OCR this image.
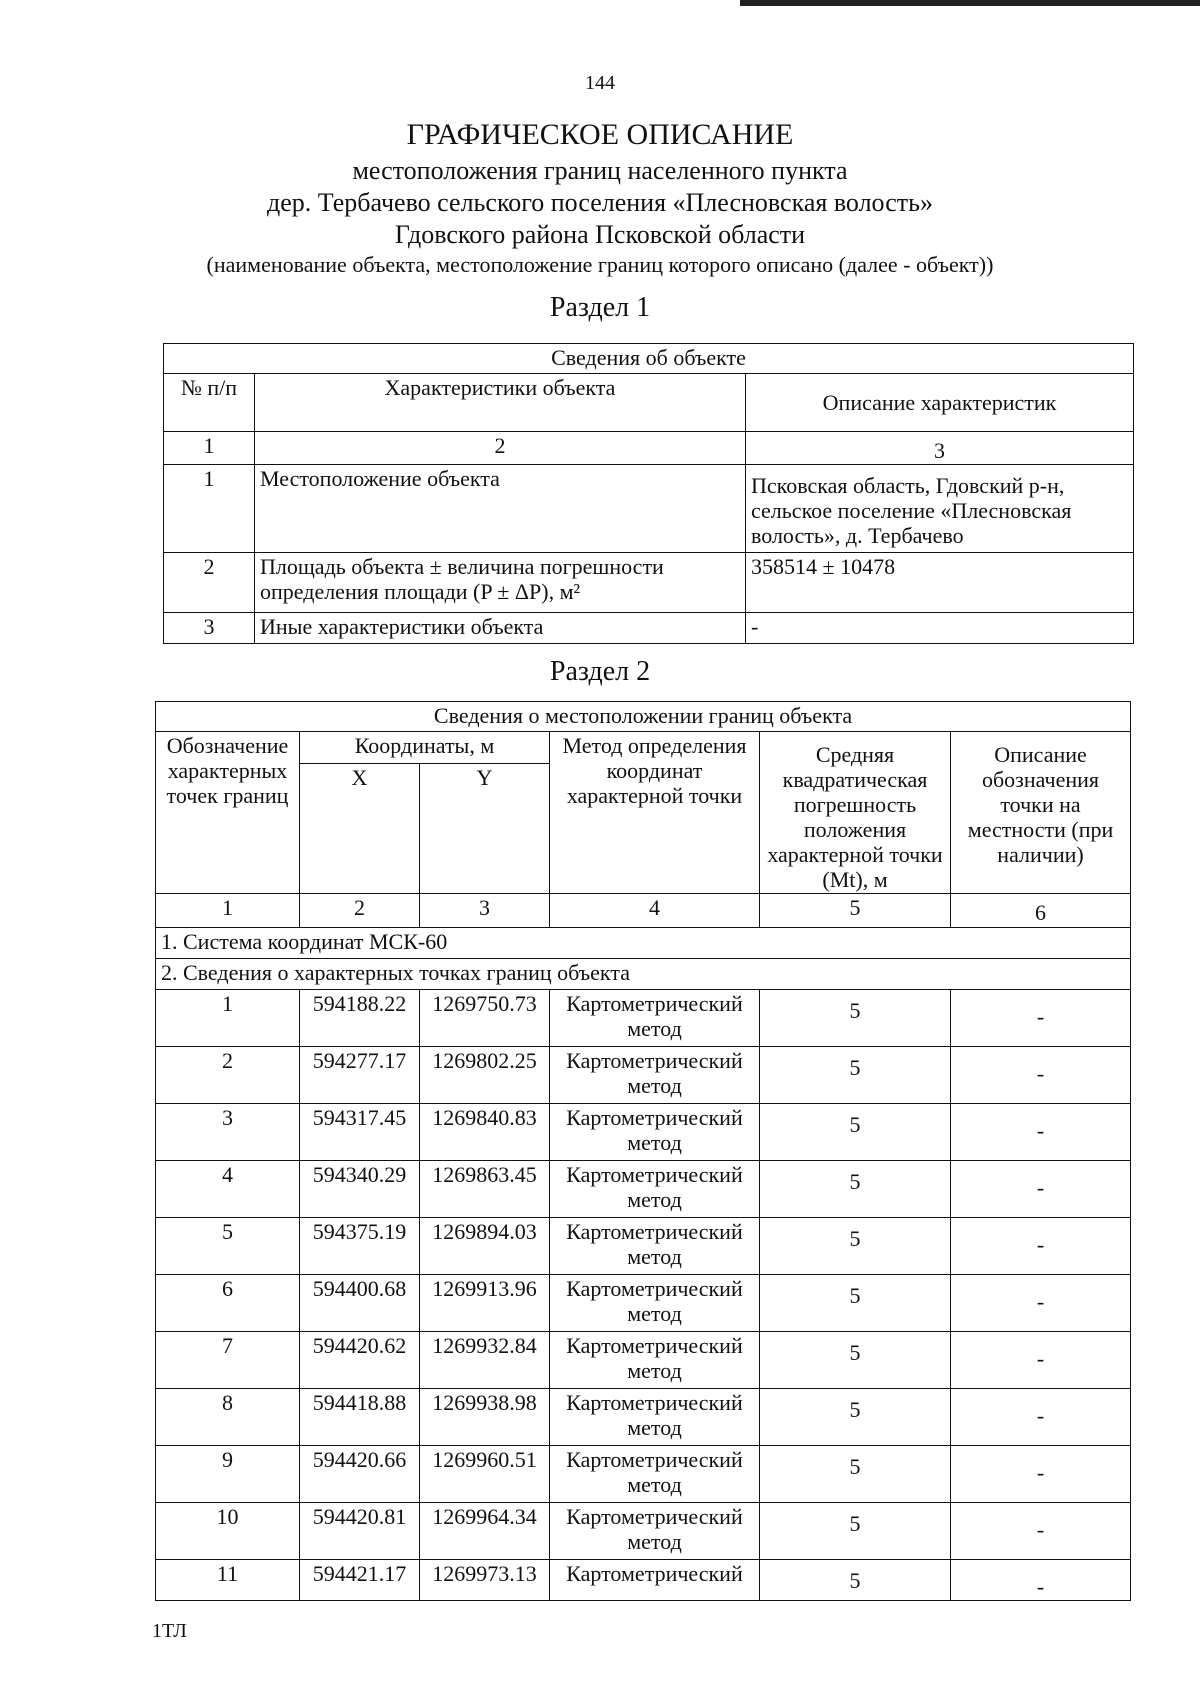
144
ГРАФИЧЕСКОЕ ОПИСАНИЕ
местоположения границ населенного пункта
дер. Тербачево сельского поселения «Плесновская волость»
Гдовского района Псковской области
(наименование объекта, местоположение границ которого описано (далее - объект))
Раздел 1
Сведения об объекте		
№ п/п	Характеристики объекта	Описание характеристик
1	2	3
1	Местоположение объекта	Псковская область, Гдовский р-н, сельское поселение «Плесновская волость», д. Тербачево
2	Площадь объекта ± величина погрешности определения площади (P ± ΔP), м²	358514 ± 10478
3	Иные характеристики объекта	-
Раздел 2
Сведения о местоположении границ объекта					
Обозначение характерных точек границ	Координаты, м		Метод определения координат характерной точки	Средняя квадратическая погрешность положения характерной точки (Mt), м	Описание обозначения точки на местности (при наличии)
	X	Y			
1	2	3	4	5	6
1. Система координат МСК-60					
2. Сведения о характерных точках границ объекта					
1	594188.22	1269750.73	Картометрический метод	5	-
2	594277.17	1269802.25	Картометрический метод	5	-
3	594317.45	1269840.83	Картометрический метод	5	-
4	594340.29	1269863.45	Картометрический метод	5	-
5	594375.19	1269894.03	Картометрический метод	5	-
6	594400.68	1269913.96	Картометрический метод	5	-
7	594420.62	1269932.84	Картометрический метод	5	-
8	594418.88	1269938.98	Картометрический метод	5	-
9	594420.66	1269960.51	Картометрический метод	5	-
10	594420.81	1269964.34	Картометрический метод	5	-
11	594421.17	1269973.13	Картометрический	5	-
1ТЛ
